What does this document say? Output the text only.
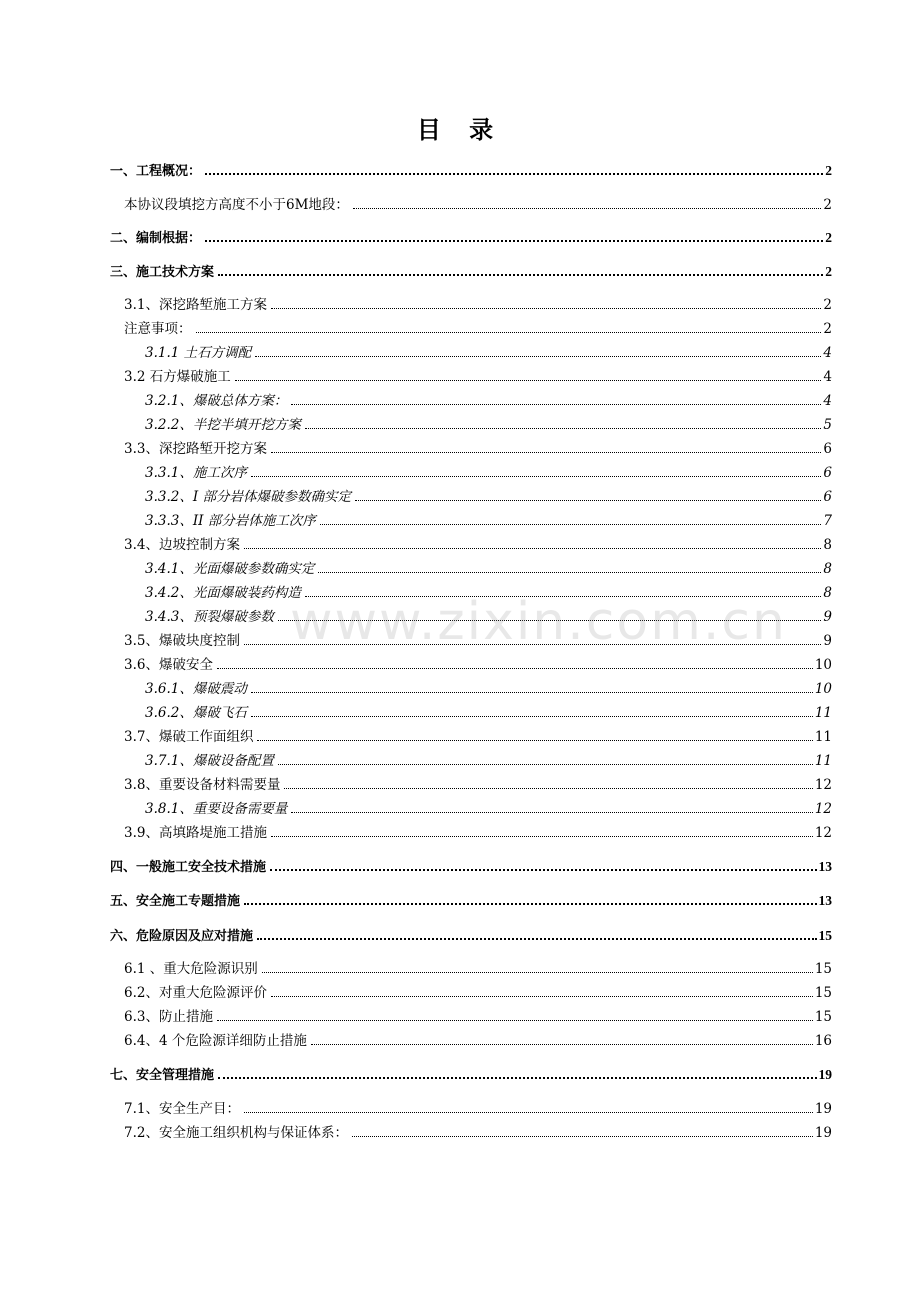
目 录
一、工程概况：	2
本协议段填挖方高度不小于6M地段：	2
二、编制根据：	2
三、施工技术方案	2
3.1、深挖路堑施工方案	2
注意事项：	2
3.1.1 土石方调配	4
3.2 石方爆破施工	4
3.2.1、爆破总体方案：	4
3.2.2、半挖半填开挖方案	5
3.3、深挖路堑开挖方案	6
3.3.1、施工次序	6
3.3.2、I 部分岩体爆破参数确实定	6
3.3.3、II 部分岩体施工次序	7
3.4、边坡控制方案	8
3.4.1、光面爆破参数确实定	8
3.4.2、光面爆破装药构造	8
3.4.3、预裂爆破参数	9
3.5、爆破块度控制	9
3.6、爆破安全	10
3.6.1、爆破震动	10
3.6.2、爆破飞石	11
3.7、爆破工作面组织	11
3.7.1、爆破设备配置	11
3.8、重要设备材料需要量	12
3.8.1、重要设备需要量	12
3.9、高填路堤施工措施	12
四、一般施工安全技术措施	13
五、安全施工专题措施	13
六、危险原因及应对措施	15
6.1 、重大危险源识别	15
6.2、对重大危险源评价	15
6.3、防止措施	15
6.4、4 个危险源详细防止措施	16
七、安全管理措施	19
7.1、安全生产目：	19
7.2、安全施工组织机构与保证体系：	19
www.zixin.com.cn
